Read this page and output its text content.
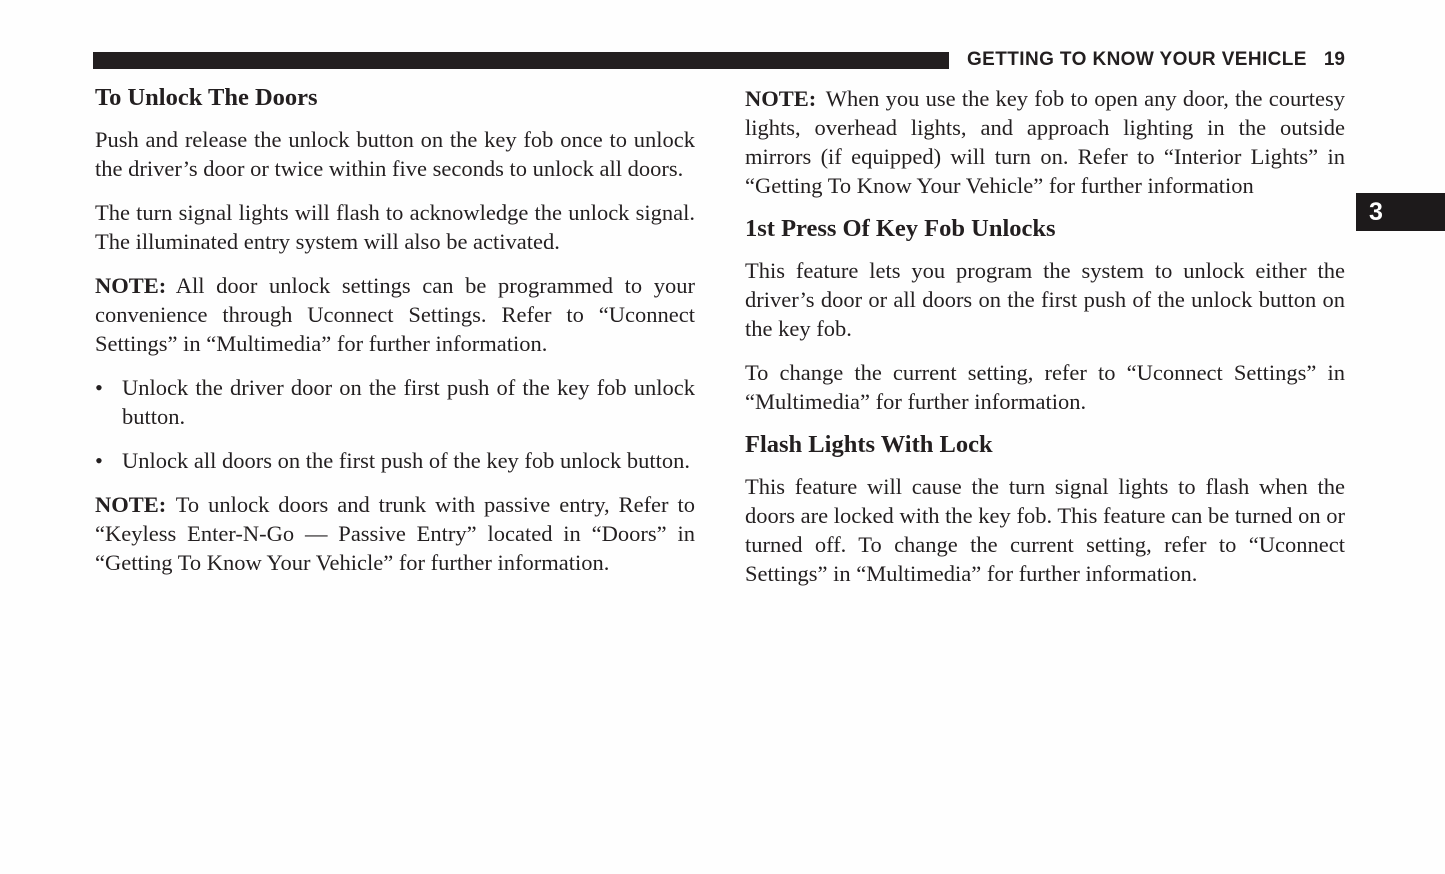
GETTING TO KNOW YOUR VEHICLE 19
3
To Unlock The Doors

Push and release the unlock button on the key fob once to unlock the driver’s door or twice within five seconds to unlock all doors.

The turn signal lights will flash to acknowledge the unlock signal. The illuminated entry system will also be activated.

NOTE: All door unlock settings can be programmed to your convenience through Uconnect Settings. Refer to “Uconnect Settings” in “Multimedia” for further information.

• Unlock the driver door on the first push of the key fob unlock button.
• Unlock all doors on the first push of the key fob unlock button.

NOTE: To unlock doors and trunk with passive entry, Refer to “Keyless Enter-N-Go — Passive Entry” located in “Doors” in “Getting To Know Your Vehicle” for further information.

NOTE: When you use the key fob to open any door, the courtesy lights, overhead lights, and approach lighting in the outside mirrors (if equipped) will turn on. Refer to “Interior Lights” in “Getting To Know Your Vehicle” for further information

1st Press Of Key Fob Unlocks

This feature lets you program the system to unlock either the driver’s door or all doors on the first push of the unlock button on the key fob.

To change the current setting, refer to “Uconnect Settings” in “Multimedia” for further information.

Flash Lights With Lock

This feature will cause the turn signal lights to flash when the doors are locked with the key fob. This feature can be turned on or turned off. To change the current setting, refer to “Uconnect Settings” in “Multimedia” for further information.
